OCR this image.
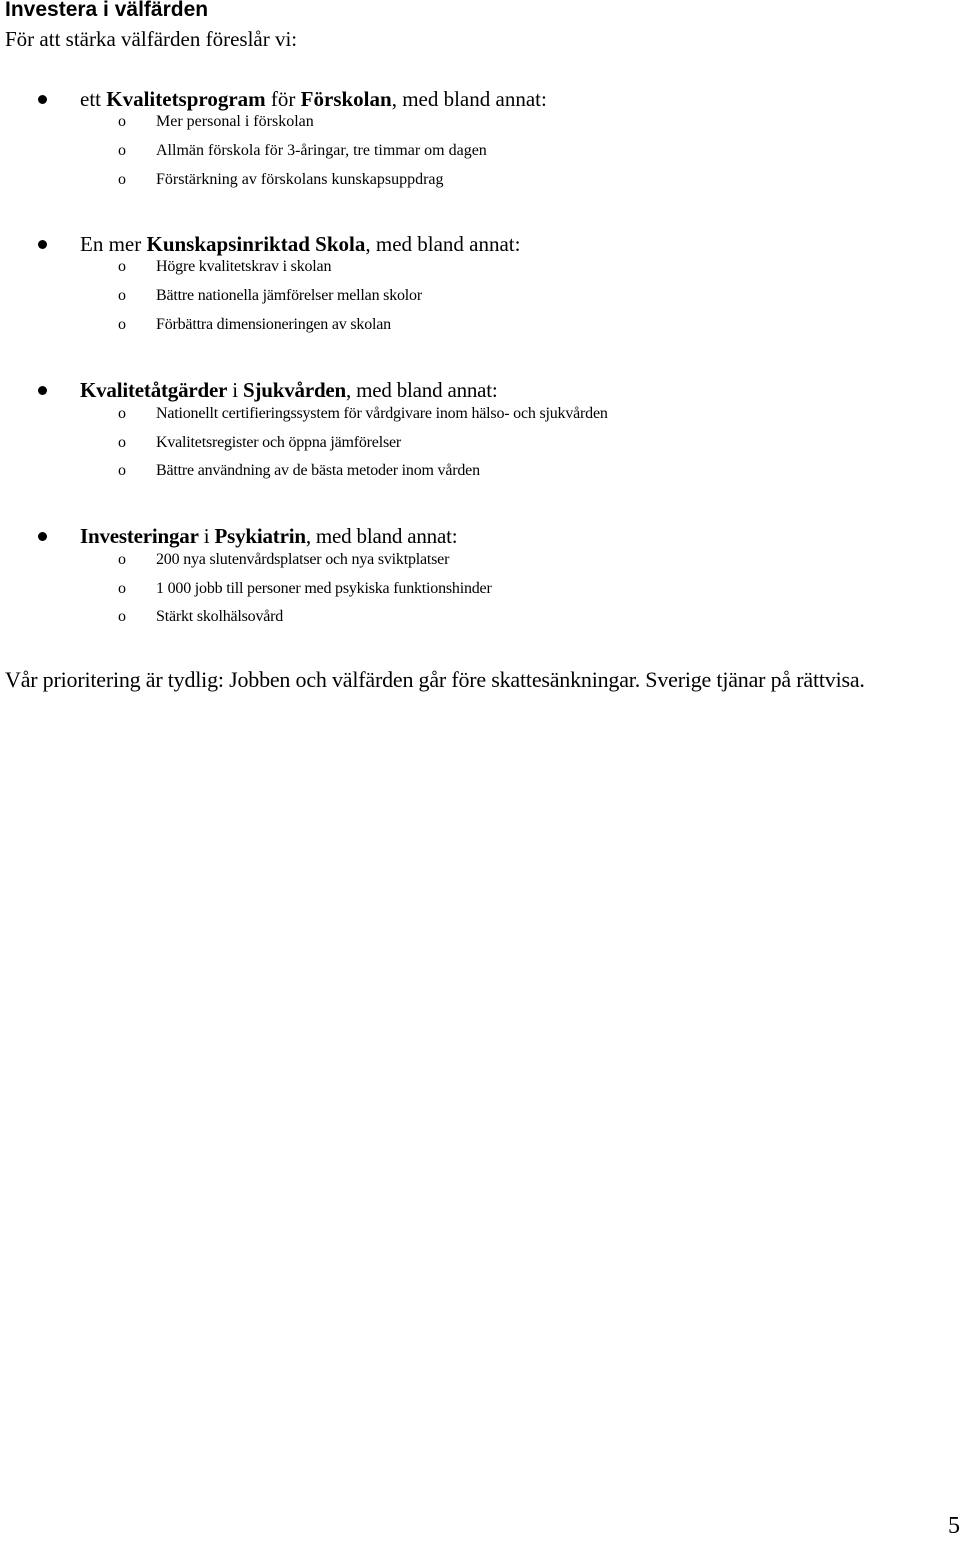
Investera i välfärden
För att stärka välfärden föreslår vi:
ett Kvalitetsprogram för Förskolan, med bland annat:
o Mer personal i förskolan
o Allmän förskola för 3-åringar, tre timmar om dagen
o Förstärkning av förskolans kunskapsuppdrag
En mer Kunskapsinriktad Skola, med bland annat:
o Högre kvalitetskrav i skolan
o Bättre nationella jämförelser mellan skolor
o Förbättra dimensioneringen av skolan
Kvalitetåtgärder i Sjukvården, med bland annat:
o Nationellt certifieringssystem för vårdgivare inom hälso- och sjukvården
o Kvalitetsregister och öppna jämförelser
o Bättre användning av de bästa metoder inom vården
Investeringar i Psykiatrin, med bland annat:
o 200 nya slutenvårdsplatser och nya sviktplatser
o 1 000 jobb till personer med psykiska funktionshinder
o Stärkt skolhälsovård
Vår prioritering är tydlig: Jobben och välfärden går före skattesänkningar. Sverige tjänar på rättvisa.
5
